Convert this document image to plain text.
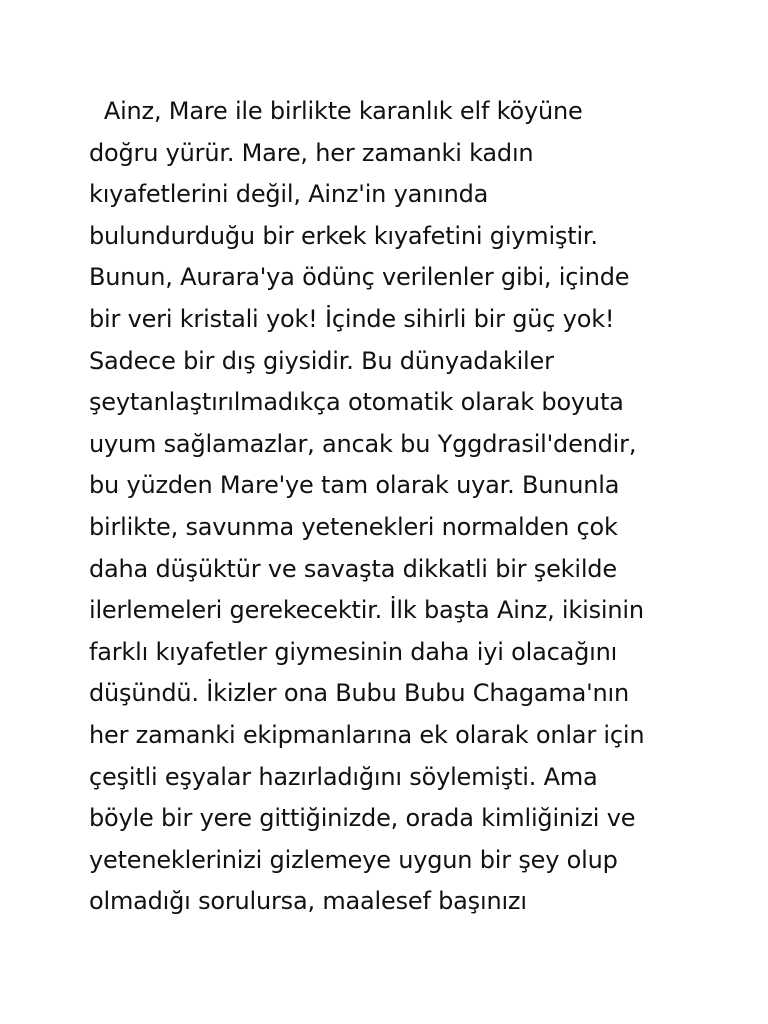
Ainz, Mare ile birlikte karanlık elf köyüne
doğru yürür. Mare, her zamanki kadın
kıyafetlerini değil, Ainz'in yanında
bulundurduğu bir erkek kıyafetini giymiştir.
Bunun, Aurara'ya ödünç verilenler gibi, içinde
bir veri kristali yok! İçinde sihirli bir güç yok!
Sadece bir dış giysidir. Bu dünyadakiler
şeytanlaştırılmadıkça otomatik olarak boyuta
uyum sağlamazlar, ancak bu Yggdrasil'dendir,
bu yüzden Mare'ye tam olarak uyar. Bununla
birlikte, savunma yetenekleri normalden çok
daha düşüktür ve savaşta dikkatli bir şekilde
ilerlemeleri gerekecektir. İlk başta Ainz, ikisinin
farklı kıyafetler giymesinin daha iyi olacağını
düşündü. İkizler ona Bubu Bubu Chagama'nın
her zamanki ekipmanlarına ek olarak onlar için
çeşitli eşyalar hazırladığını söylemişti. Ama
böyle bir yere gittiğinizde, orada kimliğinizi ve
yeteneklerinizi gizlemeye uygun bir şey olup
olmadığı sorulursa, maalesef başınızı
